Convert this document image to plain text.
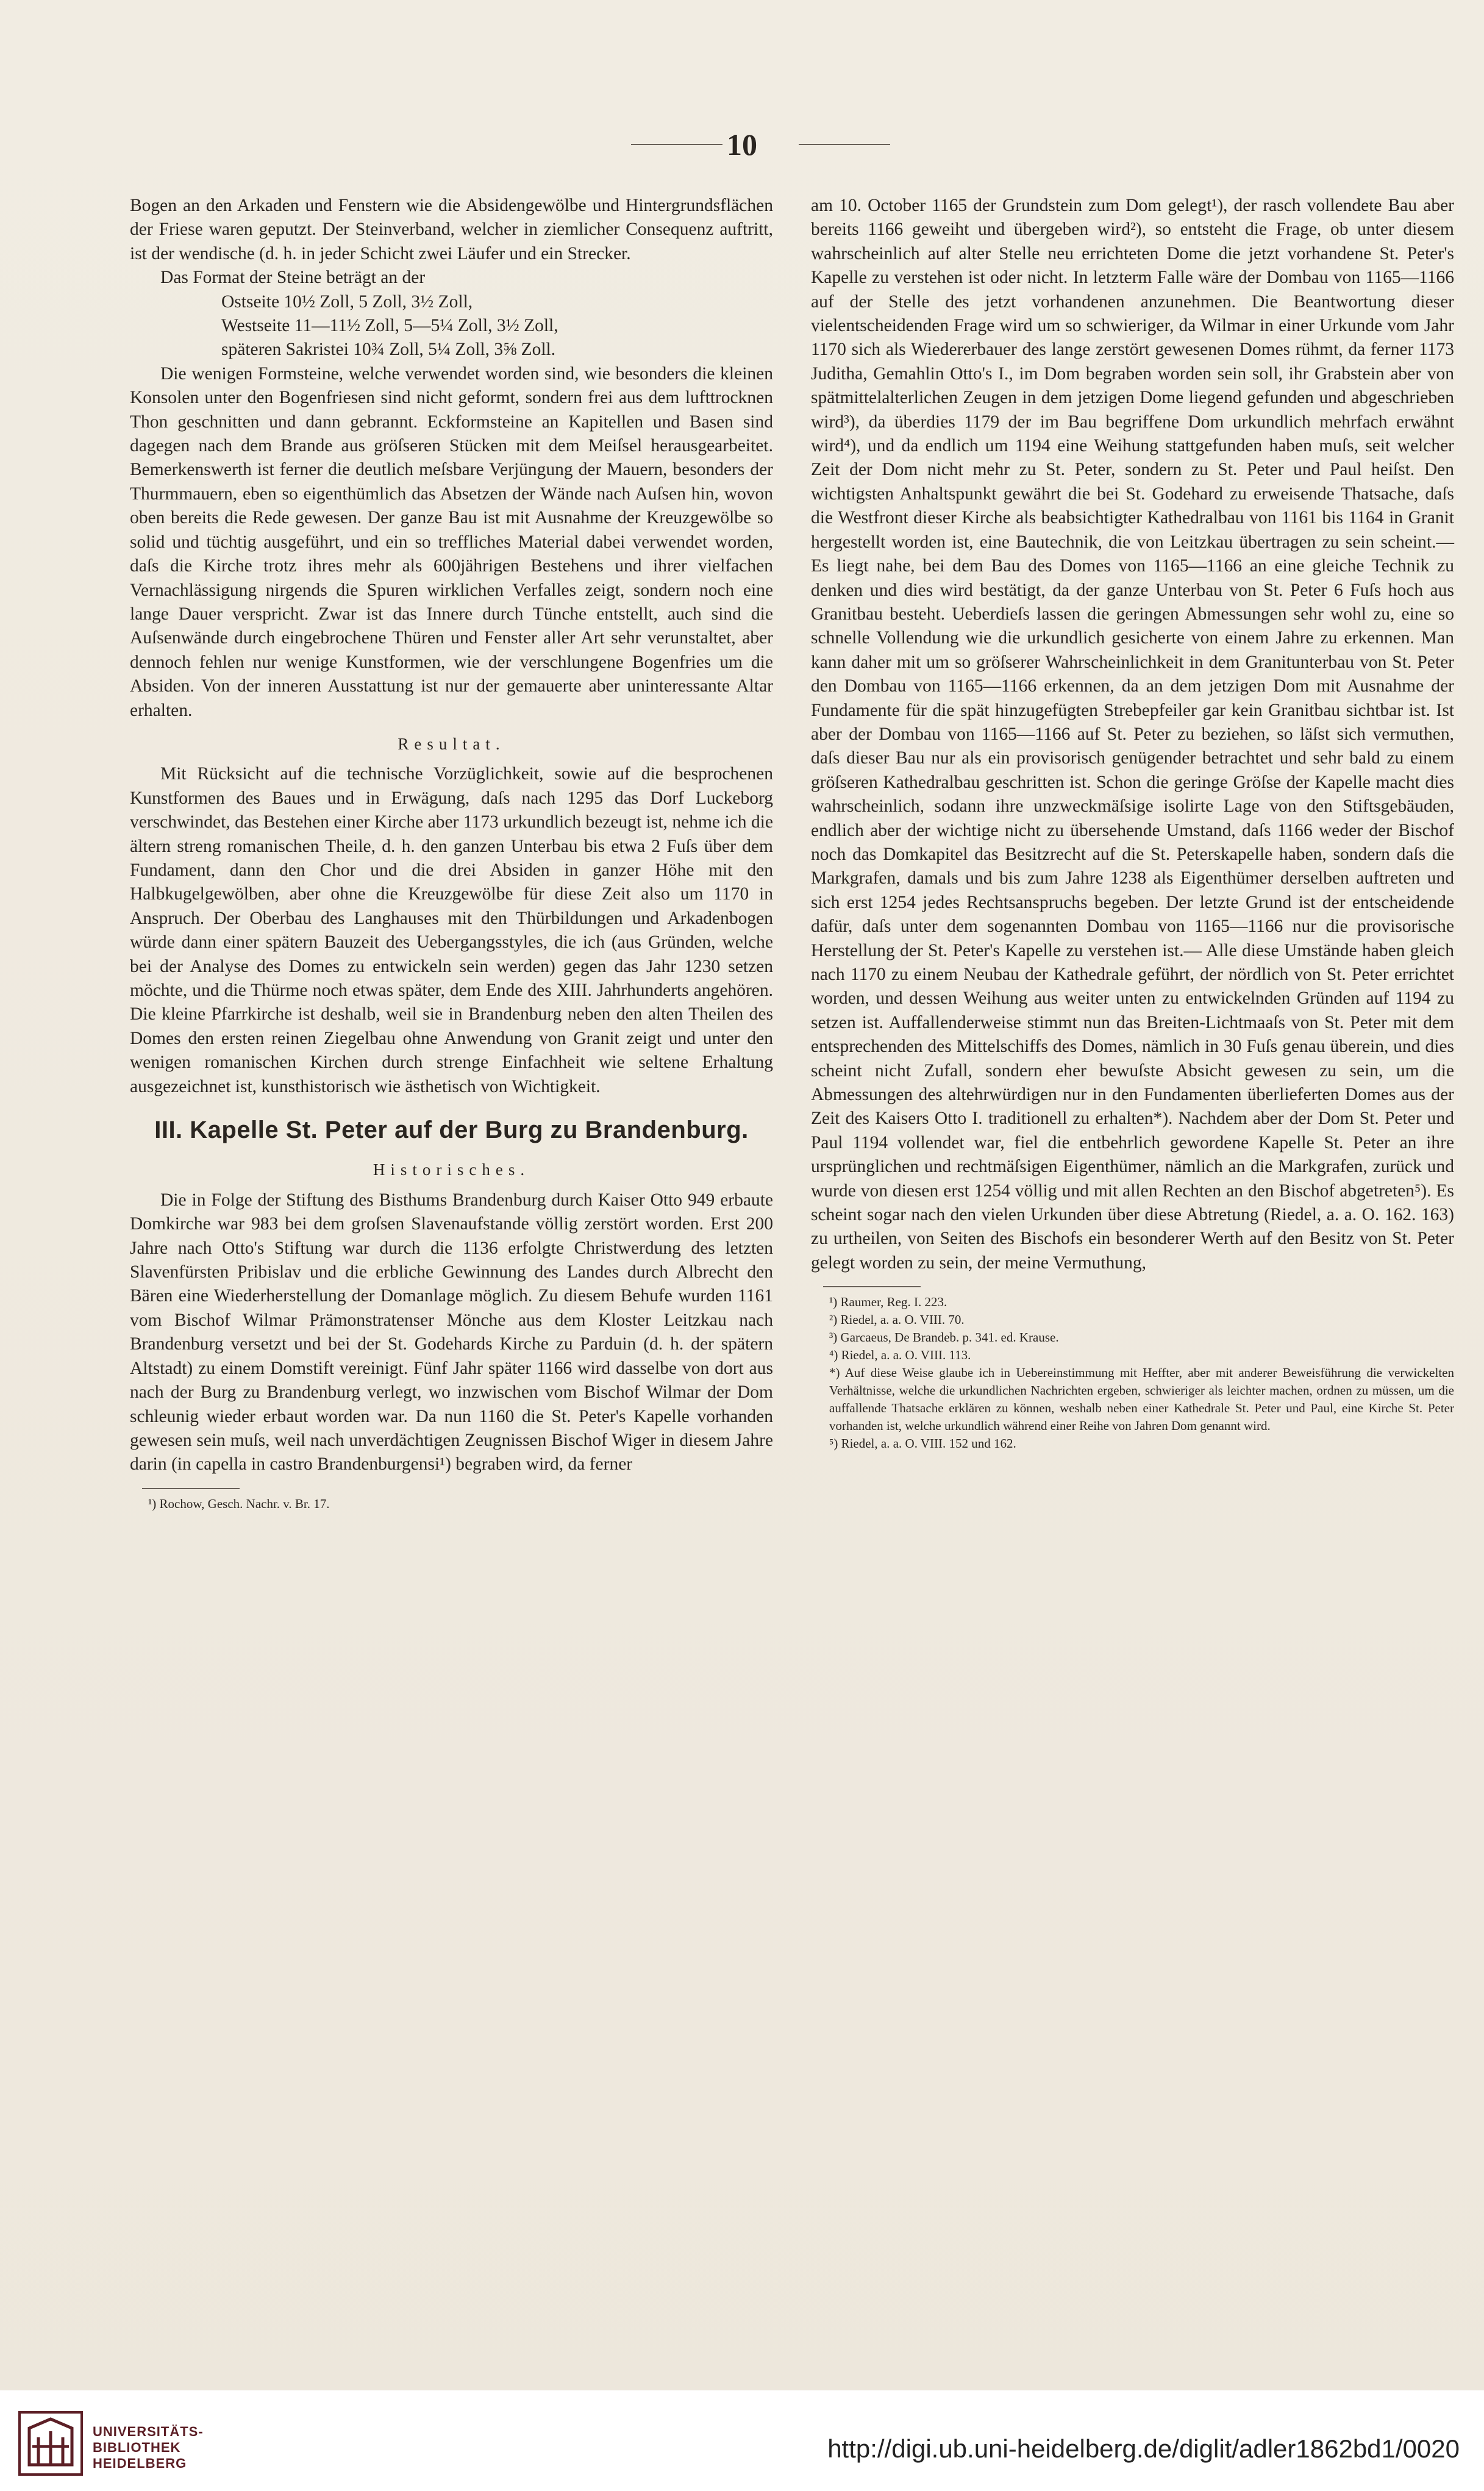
10

Bogen an den Arkaden und Fenstern wie die Absidengewölbe und Hintergrundsflächen der Friese waren geputzt. Der Steinverband, welcher in ziemlicher Consequenz auftritt, ist der wendische (d. h. in jeder Schicht zwei Läufer und ein Strecker.

Das Format der Steine beträgt an der

Ostseite 10½ Zoll, 5 Zoll, 3½ Zoll,
Westseite 11—11½ Zoll, 5—5¼ Zoll, 3½ Zoll,
späteren Sakristei 10¾ Zoll, 5¼ Zoll, 3⅝ Zoll.

Die wenigen Formsteine, welche verwendet worden sind, wie besonders die kleinen Konsolen unter den Bogenfriesen sind nicht geformt, sondern frei aus dem lufttrocknen Thon geschnitten und dann gebrannt. Eckformsteine an Kapitellen und Basen sind dagegen nach dem Brande aus gröſseren Stücken mit dem Meiſsel herausgearbeitet. Bemerkenswerth ist ferner die deutlich meſsbare Verjüngung der Mauern, besonders der Thurmmauern, eben so eigenthümlich das Absetzen der Wände nach Auſsen hin, wovon oben bereits die Rede gewesen. Der ganze Bau ist mit Ausnahme der Kreuzgewölbe so solid und tüchtig ausgeführt, und ein so treffliches Material dabei verwendet worden, daſs die Kirche trotz ihres mehr als 600jährigen Bestehens und ihrer vielfachen Vernachlässigung nirgends die Spuren wirklichen Verfalles zeigt, sondern noch eine lange Dauer verspricht. Zwar ist das Innere durch Tünche entstellt, auch sind die Auſsenwände durch eingebrochene Thüren und Fenster aller Art sehr verunstaltet, aber dennoch fehlen nur wenige Kunstformen, wie der verschlungene Bogenfries um die Absiden. Von der inneren Ausstattung ist nur der gemauerte aber uninteressante Altar erhalten.

Resultat.

Mit Rücksicht auf die technische Vorzüglichkeit, sowie auf die besprochenen Kunstformen des Baues und in Erwägung, daſs nach 1295 das Dorf Luckeborg verschwindet, das Bestehen einer Kirche aber 1173 urkundlich bezeugt ist, nehme ich die ältern streng romanischen Theile, d. h. den ganzen Unterbau bis etwa 2 Fuſs über dem Fundament, dann den Chor und die drei Absiden in ganzer Höhe mit den Halbkugelgewölben, aber ohne die Kreuzgewölbe für diese Zeit also um 1170 in Anspruch. Der Oberbau des Langhauses mit den Thürbildungen und Arkadenbogen würde dann einer spätern Bauzeit des Uebergangsstyles, die ich (aus Gründen, welche bei der Analyse des Domes zu entwickeln sein werden) gegen das Jahr 1230 setzen möchte, und die Thürme noch etwas später, dem Ende des XIII. Jahrhunderts angehören. Die kleine Pfarrkirche ist deshalb, weil sie in Brandenburg neben den alten Theilen des Domes den ersten reinen Ziegelbau ohne Anwendung von Granit zeigt und unter den wenigen romanischen Kirchen durch strenge Einfachheit wie seltene Erhaltung ausgezeichnet ist, kunsthistorisch wie ästhetisch von Wichtigkeit.

III. Kapelle St. Peter auf der Burg zu Brandenburg.
Historisches.

Die in Folge der Stiftung des Bisthums Brandenburg durch Kaiser Otto 949 erbaute Domkirche war 983 bei dem groſsen Slavenaufstande völlig zerstört worden. Erst 200 Jahre nach Otto's Stiftung war durch die 1136 erfolgte Christwerdung des letzten Slavenfürsten Pribislav und die erbliche Gewinnung des Landes durch Albrecht den Bären eine Wiederherstellung der Domanlage möglich. Zu diesem Behufe wurden 1161 vom Bischof Wilmar Prämonstratenser Mönche aus dem Kloster Leitzkau nach Brandenburg versetzt und bei der St. Godehards Kirche zu Parduin (d. h. der spätern Altstadt) zu einem Domstift vereinigt. Fünf Jahr später 1166 wird dasselbe von dort aus nach der Burg zu Brandenburg verlegt, wo inzwischen vom Bischof Wilmar der Dom schleunig wieder erbaut worden war. Da nun 1160 die St. Peter's Kapelle vorhanden gewesen sein muſs, weil nach unverdächtigen Zeugnissen Bischof Wiger in diesem Jahre darin (in capella in castro Brandenburgensi¹) begraben wird, da ferner

¹) Rochow, Gesch. Nachr. v. Br. 17.

am 10. October 1165 der Grundstein zum Dom gelegt¹), der rasch vollendete Bau aber bereits 1166 geweiht und übergeben wird²), so entsteht die Frage, ob unter diesem wahrscheinlich auf alter Stelle neu errichteten Dome die jetzt vorhandene St. Peter's Kapelle zu verstehen ist oder nicht. In letzterm Falle wäre der Dombau von 1165—1166 auf der Stelle des jetzt vorhandenen anzunehmen. Die Beantwortung dieser vielentscheidenden Frage wird um so schwieriger, da Wilmar in einer Urkunde vom Jahr 1170 sich als Wiedererbauer des lange zerstört gewesenen Domes rühmt, da ferner 1173 Juditha, Gemahlin Otto's I., im Dom begraben worden sein soll, ihr Grabstein aber von spätmittelalterlichen Zeugen in dem jetzigen Dome liegend gefunden und abgeschrieben wird³), da überdies 1179 der im Bau begriffene Dom urkundlich mehrfach erwähnt wird⁴), und da endlich um 1194 eine Weihung stattgefunden haben muſs, seit welcher Zeit der Dom nicht mehr zu St. Peter, sondern zu St. Peter und Paul heiſst. Den wichtigsten Anhaltspunkt gewährt die bei St. Godehard zu erweisende Thatsache, daſs die Westfront dieser Kirche als beabsichtigter Kathedralbau von 1161 bis 1164 in Granit hergestellt worden ist, eine Bautechnik, die von Leitzkau übertragen zu sein scheint.— Es liegt nahe, bei dem Bau des Domes von 1165—1166 an eine gleiche Technik zu denken und dies wird bestätigt, da der ganze Unterbau von St. Peter 6 Fuſs hoch aus Granitbau besteht. Ueberdieſs lassen die geringen Abmessungen sehr wohl zu, eine so schnelle Vollendung wie die urkundlich gesicherte von einem Jahre zu erkennen. Man kann daher mit um so gröſserer Wahrscheinlichkeit in dem Granitunterbau von St. Peter den Dombau von 1165—1166 erkennen, da an dem jetzigen Dom mit Ausnahme der Fundamente für die spät hinzugefügten Strebepfeiler gar kein Granitbau sichtbar ist. Ist aber der Dombau von 1165—1166 auf St. Peter zu beziehen, so läſst sich vermuthen, daſs dieser Bau nur als ein provisorisch genügender betrachtet und sehr bald zu einem gröſseren Kathedralbau geschritten ist. Schon die geringe Gröſse der Kapelle macht dies wahrscheinlich, sodann ihre unzweckmäſsige isolirte Lage von den Stiftsgebäuden, endlich aber der wichtige nicht zu übersehende Umstand, daſs 1166 weder der Bischof noch das Domkapitel das Besitzrecht auf die St. Peterskapelle haben, sondern daſs die Markgrafen, damals und bis zum Jahre 1238 als Eigenthümer derselben auftreten und sich erst 1254 jedes Rechtsanspruchs begeben. Der letzte Grund ist der entscheidende dafür, daſs unter dem sogenannten Dombau von 1165—1166 nur die provisorische Herstellung der St. Peter's Kapelle zu verstehen ist.— Alle diese Umstände haben gleich nach 1170 zu einem Neubau der Kathedrale geführt, der nördlich von St. Peter errichtet worden, und dessen Weihung aus weiter unten zu entwickelnden Gründen auf 1194 zu setzen ist. Auffallenderweise stimmt nun das Breiten-Lichtmaaſs von St. Peter mit dem entsprechenden des Mittelschiffs des Domes, nämlich in 30 Fuſs genau überein, und dies scheint nicht Zufall, sondern eher bewuſste Absicht gewesen zu sein, um die Abmessungen des altehrwürdigen nur in den Fundamenten überlieferten Domes aus der Zeit des Kaisers Otto I. traditionell zu erhalten*). Nachdem aber der Dom St. Peter und Paul 1194 vollendet war, fiel die entbehrlich gewordene Kapelle St. Peter an ihre ursprünglichen und rechtmäſsigen Eigenthümer, nämlich an die Markgrafen, zurück und wurde von diesen erst 1254 völlig und mit allen Rechten an den Bischof abgetreten⁵). Es scheint sogar nach den vielen Urkunden über diese Abtretung (Riedel, a. a. O. 162. 163) zu urtheilen, von Seiten des Bischofs ein besonderer Werth auf den Besitz von St. Peter gelegt worden zu sein, der meine Vermuthung,

¹) Raumer, Reg. I. 223.
²) Riedel, a. a. O. VIII. 70.
³) Garcaeus, De Brandeb. p. 341. ed. Krause.
⁴) Riedel, a. a. O. VIII. 113.
*) Auf diese Weise glaube ich in Uebereinstimmung mit Heffter, aber mit anderer Beweisführung die verwickelten Verhältnisse, welche die urkundlichen Nachrichten ergeben, schwieriger als leichter machen, ordnen zu müssen, um die auffallende Thatsache erklären zu können, weshalb neben einer Kathedrale St. Peter und Paul, eine Kirche St. Peter vorhanden ist, welche urkundlich während einer Reihe von Jahren Dom genannt wird.
⁵) Riedel, a. a. O. VIII. 152 und 162.
UNIVERSITÄTS-
BIBLIOTHEK
HEIDELBERG
http://digi.ub.uni-heidelberg.de/diglit/adler1862bd1/0020
